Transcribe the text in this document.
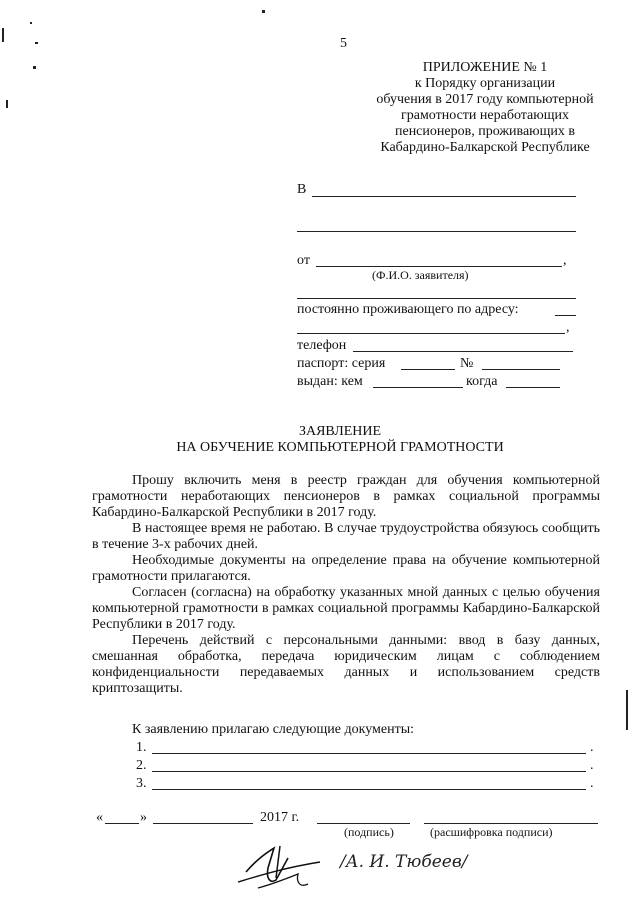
5
ПРИЛОЖЕНИЕ № 1
к Порядку организации
обучения в 2017 году компьютерной
грамотности неработающих
пенсионеров, проживающих в
Кабардино-Балкарской Республике
В
от	,
(Ф.И.О. заявителя)
постоянно проживающего по адресу:
,
телефон
паспорт: серия	№
выдан: кем	когда
ЗАЯВЛЕНИЕ
НА ОБУЧЕНИЕ КОМПЬЮТЕРНОЙ ГРАМОТНОСТИ

Прошу включить меня в реестр граждан для обучения компьютерной грамотности неработающих пенсионеров в рамках социальной программы Кабардино-Балкарской Республики в 2017 году.

В настоящее время не работаю. В случае трудоустройства обязуюсь сообщить в течение 3-х рабочих дней.

Необходимые документы на определение права на обучение компьютерной грамотности прилагаются.

Согласен (согласна) на обработку указанных мной данных с целью обучения компьютерной грамотности в рамках социальной программы Кабардино-Балкарской Республики в 2017 году.

Перечень действий с персональными данными: ввод в базу данных, смешанная обработка, передача юридическим лицам с соблюдением конфиденциальности передаваемых данных и использованием средств криптозащиты.

К заявлению прилагаю следующие документы:
1.	.
2.	.
3.	.
«	»	2017 г.
(подпись)	(расшифровка подписи)
/А. И. Тюбеев/
